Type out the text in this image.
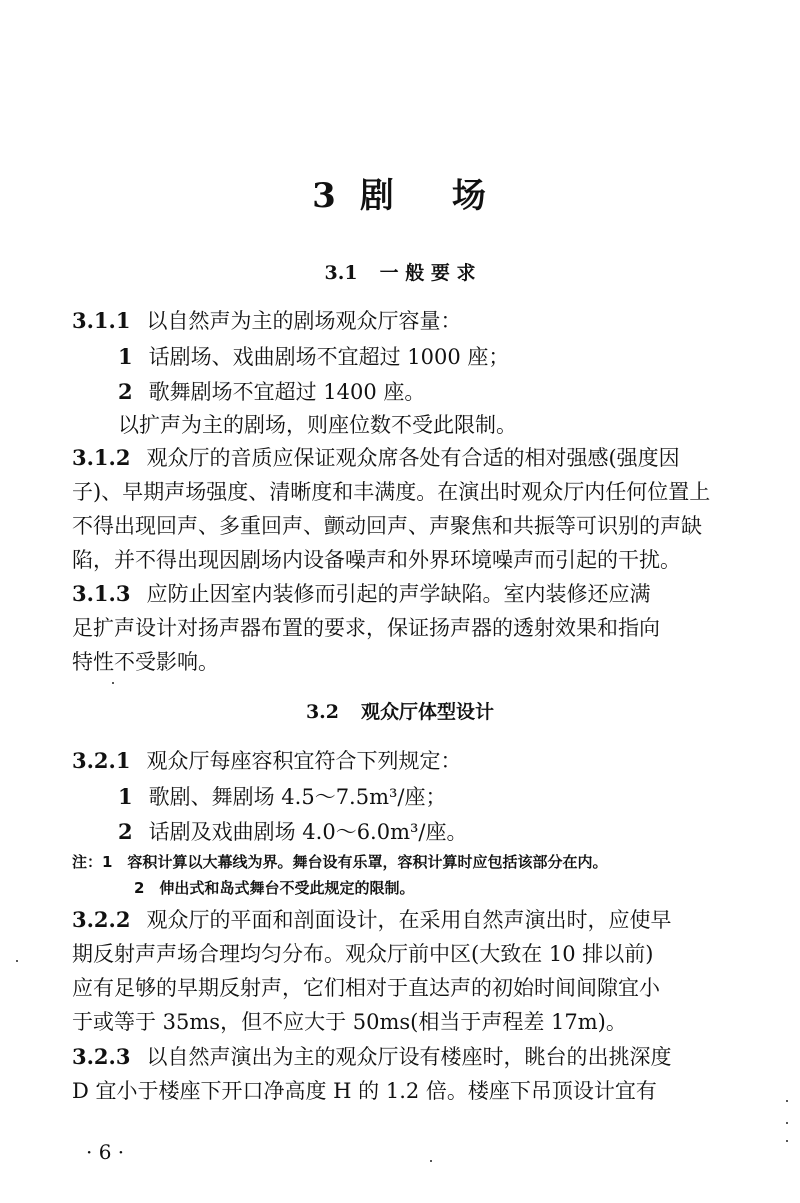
3 剧 场
3.1 一 般 要 求
3.1.1 以自然声为主的剧场观众厅容量：
1 话剧场、戏曲剧场不宜超过 1000 座；
2 歌舞剧场不宜超过 1400 座。
以扩声为主的剧场，则座位数不受此限制。
3.1.2 观众厅的音质应保证观众席各处有合适的相对强感(强度因
子)、早期声场强度、清晰度和丰满度。在演出时观众厅内任何位置上
不得出现回声、多重回声、颤动回声、声聚焦和共振等可识别的声缺
陷，并不得出现因剧场内设备噪声和外界环境噪声而引起的干扰。
3.1.3 应防止因室内装修而引起的声学缺陷。室内装修还应满
足扩声设计对扬声器布置的要求，保证扬声器的透射效果和指向
特性不受影响。
3.2 观众厅体型设计
3.2.1 观众厅每座容积宜符合下列规定：
1 歌剧、舞剧场 4.5～7.5m³/座；
2 话剧及戏曲剧场 4.0～6.0m³/座。
注：1　容积计算以大幕线为界。舞台设有乐罩，容积计算时应包括该部分在内。
2　伸出式和岛式舞台不受此规定的限制。
3.2.2 观众厅的平面和剖面设计，在采用自然声演出时，应使早
期反射声声场合理均匀分布。观众厅前中区(大致在 10 排以前)
应有足够的早期反射声，它们相对于直达声的初始时间间隙宜小
于或等于 35ms，但不应大于 50ms(相当于声程差 17m)。
3.2.3 以自然声演出为主的观众厅设有楼座时，眺台的出挑深度
D 宜小于楼座下开口净高度 H 的 1.2 倍。楼座下吊顶设计宜有
· 6 ·
